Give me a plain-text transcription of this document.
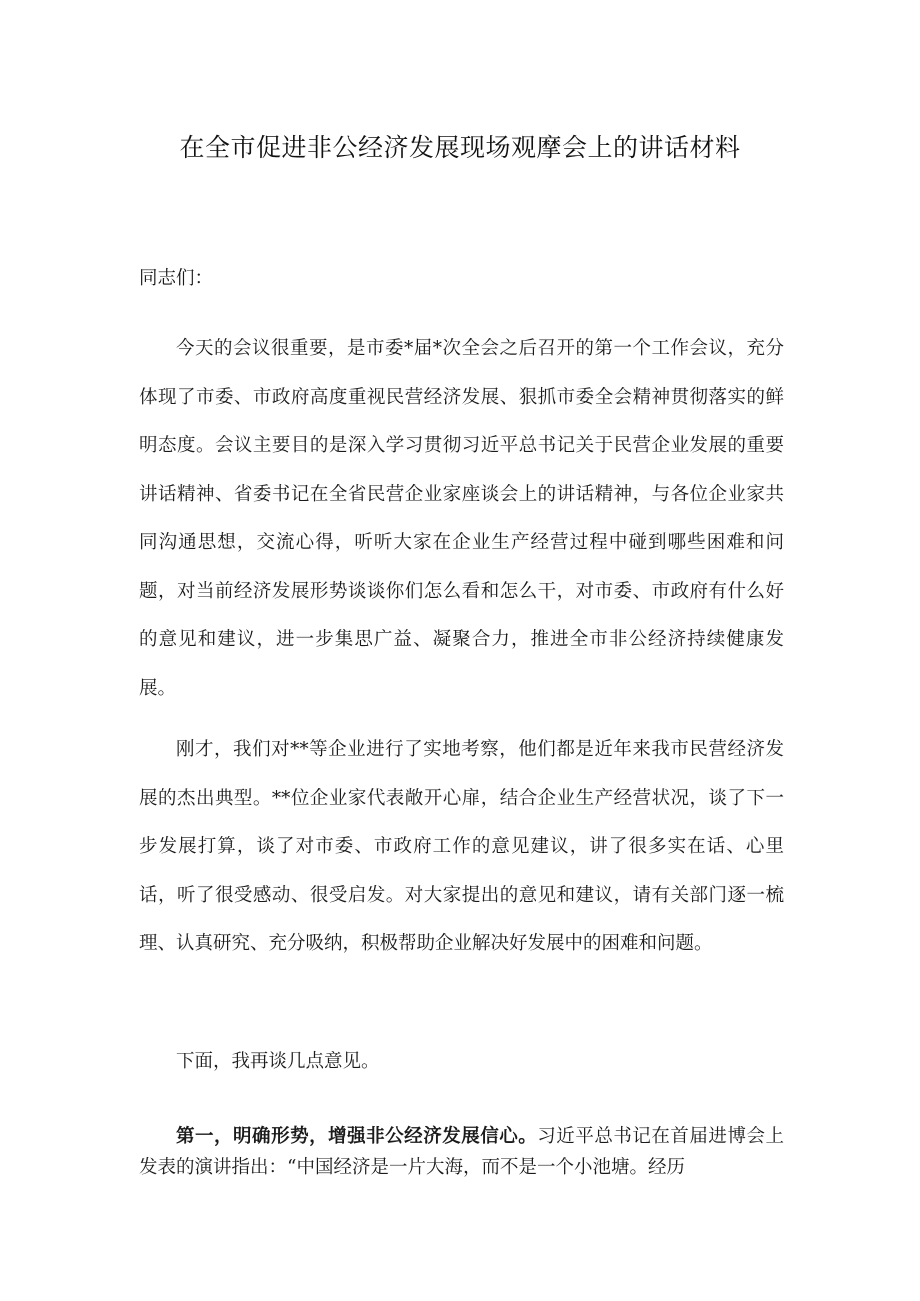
在全市促进非公经济发展现场观摩会上的讲话材料

同志们：

今天的会议很重要，是市委*届*次全会之后召开的第一个工作会议，充分体现了市委、市政府高度重视民营经济发展、狠抓市委全会精神贯彻落实的鲜明态度。会议主要目的是深入学习贯彻习近平总书记关于民营企业发展的重要讲话精神、省委书记在全省民营企业家座谈会上的讲话精神，与各位企业家共同沟通思想，交流心得，听听大家在企业生产经营过程中碰到哪些困难和问题，对当前经济发展形势谈谈你们怎么看和怎么干，对市委、市政府有什么好的意见和建议，进一步集思广益、凝聚合力，推进全市非公经济持续健康发展。

刚才，我们对**等企业进行了实地考察，他们都是近年来我市民营经济发展的杰出典型。**位企业家代表敞开心扉，结合企业生产经营状况，谈了下一步发展打算，谈了对市委、市政府工作的意见建议，讲了很多实在话、心里话，听了很受感动、很受启发。对大家提出的意见和建议，请有关部门逐一梳理、认真研究、充分吸纳，积极帮助企业解决好发展中的困难和问题。

下面，我再谈几点意见。

第一，明确形势，增强非公经济发展信心。习近平总书记在首届进博会上发表的演讲指出：“中国经济是一片大海，而不是一个小池塘。经历
